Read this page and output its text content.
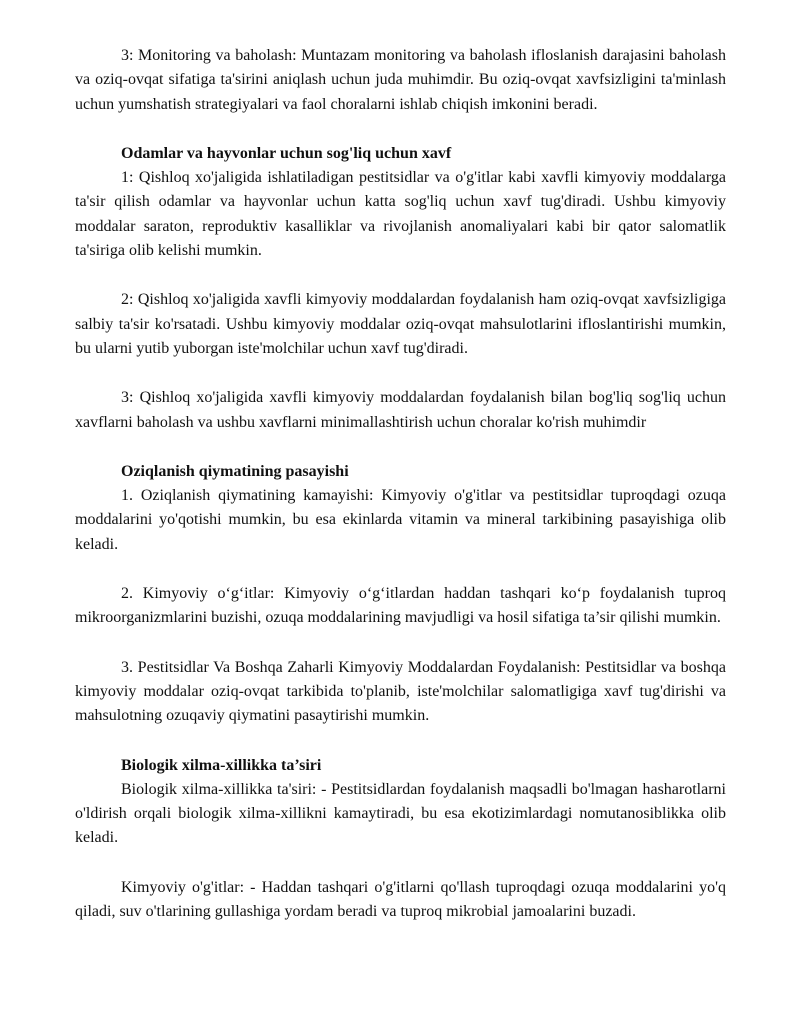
3: Monitoring va baholash: Muntazam monitoring va baholash ifloslanish darajasini baholash va oziq-ovqat sifatiga ta'sirini aniqlash uchun juda muhimdir. Bu oziq-ovqat xavfsizligini ta'minlash uchun yumshatish strategiyalari va faol choralarni ishlab chiqish imkonini beradi.

Odamlar va hayvonlar uchun sog'liq uchun xavf

1: Qishloq xo'jaligida ishlatiladigan pestitsidlar va o'g'itlar kabi xavfli kimyoviy moddalarga ta'sir qilish odamlar va hayvonlar uchun katta sog'liq uchun xavf tug'diradi. Ushbu kimyoviy moddalar saraton, reproduktiv kasalliklar va rivojlanish anomaliyalari kabi bir qator salomatlik ta'siriga olib kelishi mumkin.

2: Qishloq xo'jaligida xavfli kimyoviy moddalardan foydalanish ham oziq-ovqat xavfsizligiga salbiy ta'sir ko'rsatadi. Ushbu kimyoviy moddalar oziq-ovqat mahsulotlarini ifloslantirishi mumkin, bu ularni yutib yuborgan iste'molchilar uchun xavf tug'diradi.

3: Qishloq xo'jaligida xavfli kimyoviy moddalardan foydalanish bilan bog'liq sog'liq uchun xavflarni baholash va ushbu xavflarni minimallashtirish uchun choralar ko'rish muhimdir

Oziqlanish qiymatining pasayishi

1. Oziqlanish qiymatining kamayishi: Kimyoviy o'g'itlar va pestitsidlar tuproqdagi ozuqa moddalarini yo'qotishi mumkin, bu esa ekinlarda vitamin va mineral tarkibining pasayishiga olib keladi.

2. Kimyoviy o‘g‘itlar: Kimyoviy o‘g‘itlardan haddan tashqari ko‘p foydalanish tuproq mikroorganizmlarini buzishi, ozuqa moddalarining mavjudligi va hosil sifatiga ta’sir qilishi mumkin.

3. Pestitsidlar Va Boshqa Zaharli Kimyoviy Moddalardan Foydalanish: Pestitsidlar va boshqa kimyoviy moddalar oziq-ovqat tarkibida to'planib, iste'molchilar salomatligiga xavf tug'dirishi va mahsulotning ozuqaviy qiymatini pasaytirishi mumkin.

Biologik xilma-xillikka ta’siri

Biologik xilma-xillikka ta'siri: - Pestitsidlardan foydalanish maqsadli bo'lmagan hasharotlarni o'ldirish orqali biologik xilma-xillikni kamaytiradi, bu esa ekotizimlardagi nomutanosiblikka olib keladi.

Kimyoviy o'g'itlar: - Haddan tashqari o'g'itlarni qo'llash tuproqdagi ozuqa moddalarini yo'q qiladi, suv o'tlarining gullashiga yordam beradi va tuproq mikrobial jamoalarini buzadi.
